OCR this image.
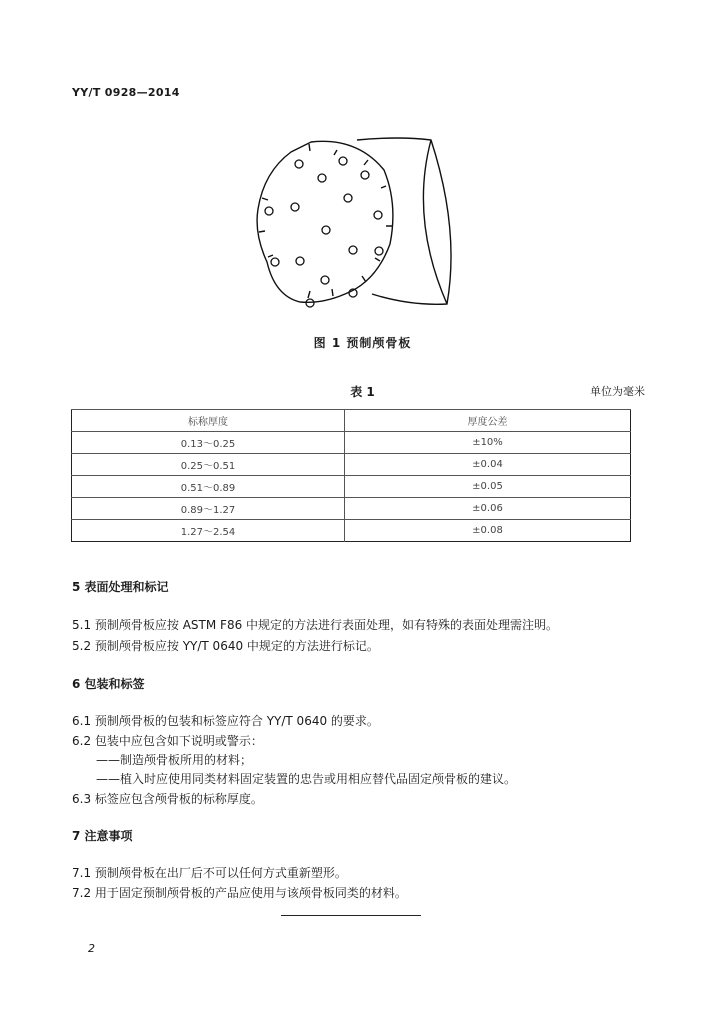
YY/T 0928—2014
图 1 预制颅骨板
表 1	单位为毫米
标称厚度	厚度公差
0.13～0.25	±10%
0.25～0.51	±0.04
0.51～0.89	±0.05
0.89～1.27	±0.06
1.27～2.54	±0.08
5 表面处理和标记
5.1 预制颅骨板应按 ASTM F86 中规定的方法进行表面处理，如有特殊的表面处理需注明。
5.2 预制颅骨板应按 YY/T 0640 中规定的方法进行标记。
6 包装和标签
6.1 预制颅骨板的包装和标签应符合 YY/T 0640 的要求。
6.2 包装中应包含如下说明或警示：
——制造颅骨板所用的材料；
——植入时应使用同类材料固定装置的忠告或用相应替代品固定颅骨板的建议。
6.3 标签应包含颅骨板的标称厚度。
7 注意事项
7.1 预制颅骨板在出厂后不可以任何方式重新塑形。
7.2 用于固定预制颅骨板的产品应使用与该颅骨板同类的材料。
2
